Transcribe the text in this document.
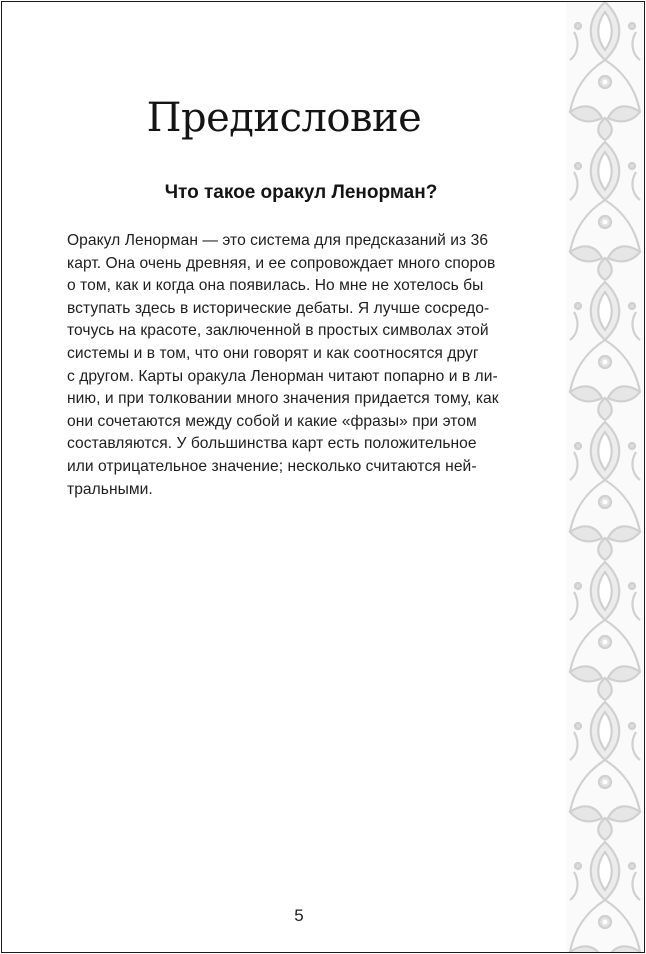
Предисловие
Что такое оракул Ленорман?
Оракул Ленорман — это система для предсказаний из 36
карт. Она очень древняя, и ее сопровождает много споров
о том, как и когда она появилась. Но мне не хотелось бы
вступать здесь в исторические дебаты. Я лучше сосредо-
точусь на красоте, заключенной в простых символах этой
системы и в том, что они говорят и как соотносятся друг
с другом. Карты оракула Ленорман читают попарно и в ли-
нию, и при толковании много значения придается тому, как
они сочетаются между собой и какие «фразы» при этом
составляются. У большинства карт есть положительное
или отрицательное значение; несколько считаются ней-
тральными.
5
